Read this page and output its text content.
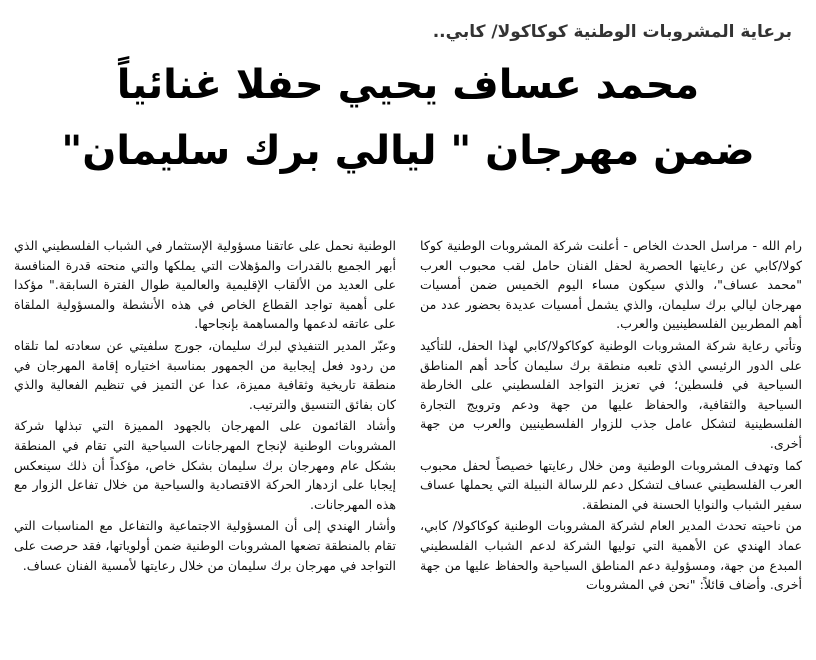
برعاية المشروبات الوطنية كوكاكولا/ كابي..
محمد عساف يحيي حفلا غنائياً
ضمن مهرجان " ليالي برك سليمان"

رام الله - مراسل الحدث الخاص - أعلنت شركة المشروبات الوطنية كوكا كولا/كابي عن رعايتها الحصرية لحفل الفنان حامل لقب محبوب العرب "محمد عساف"، والذي سيكون مساء اليوم الخميس ضمن أمسيات مهرجان ليالي برك سليمان، والذي يشمل أمسيات عديدة بحضور عدد من أهم المطربين الفلسطينيين والعرب.

وتأتي رعاية شركة المشروبات الوطنية كوكاكولا/كابي لهذا الحفل، للتأكيد على الدور الرئيسي الذي تلعبه منطقة برك سليمان كأحد أهم المناطق السياحية في فلسطين؛ في تعزيز التواجد الفلسطيني على الخارطة السياحية والثقافية، والحفاظ عليها من جهة ودعم وترويج التجارة الفلسطينية لتشكل عامل جذب للزوار الفلسطينيين والعرب من جهة أخرى.

كما وتهدف المشروبات الوطنية ومن خلال رعايتها خصيصاً لحفل محبوب العرب الفلسطيني عساف لتشكل دعم للرسالة النبيلة التي يحملها عساف سفير الشباب والنوايا الحسنة في المنطقة.

من ناحيته تحدث المدير العام لشركة المشروبات الوطنية كوكاكولا/ كابي، عماد الهندي عن الأهمية التي توليها الشركة لدعم الشباب الفلسطيني المبدع من جهة، ومسؤولية دعم المناطق السياحية والحفاظ عليها من جهة أخرى. وأضاف قائلاً: "نحن في المشروبات

الوطنية نحمل على عاتقنا مسؤولية الإستثمار في الشباب الفلسطيني الذي أبهر الجميع بالقدرات والمؤهلات التي يملكها والتي منحته قدرة المنافسة على العديد من الألقاب الإقليمية والعالمية طوال الفترة السابقة." مؤكدا على أهمية تواجد القطاع الخاص في هذه الأنشطة والمسؤولية الملقاة على عاتقه لدعمها والمساهمة بإنجاحها.

وعبّر المدير التنفيذي لبرك سليمان، جورج سلفيتي عن سعادته لما تلقاه من ردود فعل إيجابية من الجمهور بمناسبة اختياره إقامة المهرجان في منطقة تاريخية وثقافية مميزة، عدا عن التميز في تنظيم الفعالية والذي كان بفائق التنسيق والترتيب.

وأشاد القائمون على المهرجان بالجهود المميزة التي تبذلها شركة المشروبات الوطنية لإنجاح المهرجانات السياحية التي تقام في المنطقة بشكل عام ومهرجان برك سليمان بشكل خاص، مؤكداً أن ذلك سينعكس إيجابا على ازدهار الحركة الاقتصادية والسياحية من خلال تفاعل الزوار مع هذه المهرجانات.

وأشار الهندي إلى أن المسؤولية الاجتماعية والتفاعل مع المناسبات التي تقام بالمنطقة تضعها المشروبات الوطنية ضمن أولوياتها، فقد حرصت على التواجد في مهرجان برك سليمان من خلال رعايتها لأمسية الفنان عساف.
